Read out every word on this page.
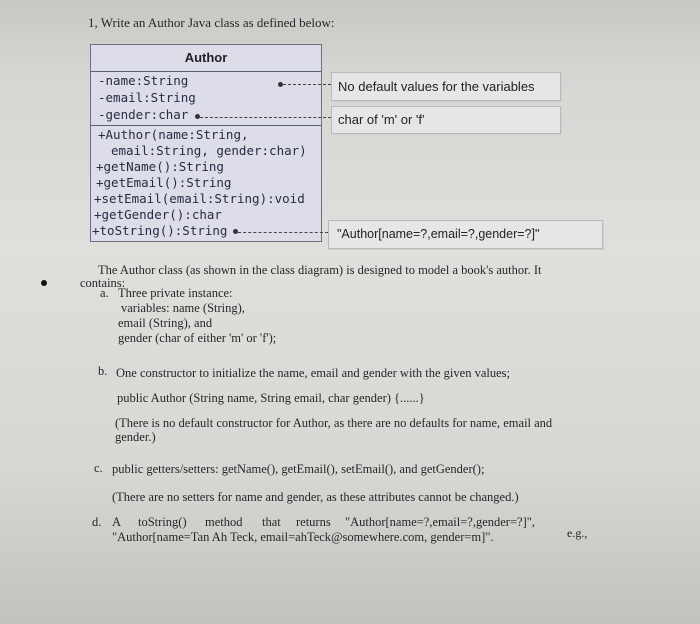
1, Write an Author Java class as defined below:
Author
-name:String
-email:String
-gender:char
+Author(name:String,
email:String, gender:char)
+getName():String
+getEmail():String
+setEmail(email:String):void
+getGender():char
+toString():String
No default values for the variables
char of 'm' or 'f'
"Author[name=?,email=?,gender=?]"
The Author class (as shown in the class diagram) is designed to model a book's author. It
contains:
a. Three private instance:
variables: name (String),
email (String), and
gender (char of either 'm' or 'f');
b. One constructor to initialize the name, email and gender with the given values;
public Author (String name, String email, char gender) {......}
(There is no default constructor for Author, as there are no defaults for name, email and
gender.)
c. public getters/setters: getName(), getEmail(), setEmail(), and getGender();
(There are no setters for name and gender, as these attributes cannot be changed.)
d. A toString() method that returns "Author[name=?,email=?,gender=?]",
e.g.,
"Author[name=Tan Ah Teck, email=ahTeck@somewhere.com, gender=m]".
